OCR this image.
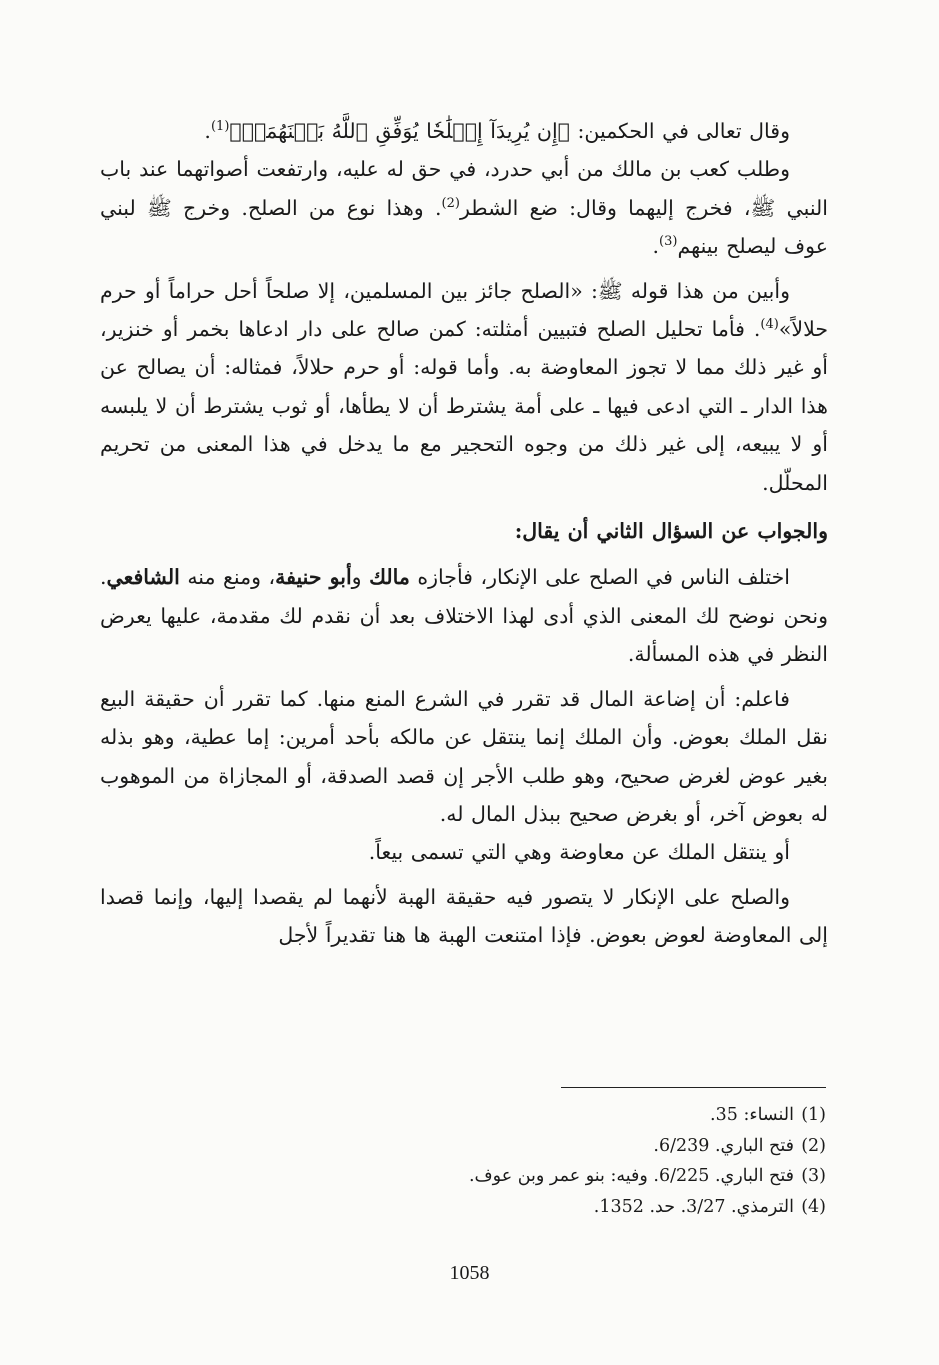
وقال تعالى في الحكمين: ﴿إِن يُرِيدَآ إِصۡلَٰحٗا يُوَفِّقِ ٱللَّهُ بَيۡنَهُمَآۗ﴾$^{(1)}$.

وطلب كعب بن مالك من أبي حدرد، في حق له عليه، وارتفعت أصواتهما عند باب النبي ﷺ، فخرج إليهما وقال: ضع الشطر$^{(2)}$. وهذا نوع من الصلح. وخرج ﷺ لبني عوف ليصلح بينهم$^{(3)}$.

وأبين من هذا قوله ﷺ: «الصلح جائز بين المسلمين، إلا صلحاً أحل حراماً أو حرم حلالاً»$^{(4)}$. فأما تحليل الصلح فتبيين أمثلته: كمن صالح على دار ادعاها بخمر أو خنزير، أو غير ذلك مما لا تجوز المعاوضة به. وأما قوله: أو حرم حلالاً، فمثاله: أن يصالح عن هذا الدار ـ التي ادعى فيها ـ على أمة يشترط أن لا يطأها، أو ثوب يشترط أن لا يلبسه أو لا يبيعه، إلى غير ذلك من وجوه التحجير مع ما يدخل في هذا المعنى من تحريم المحلّل.

والجواب عن السؤال الثاني أن يقال:

اختلف الناس في الصلح على الإنكار، فأجازه مالك وأبو حنيفة، ومنع منه الشافعي. ونحن نوضح لك المعنى الذي أدى لهذا الاختلاف بعد أن نقدم لك مقدمة، عليها يعرض النظر في هذه المسألة.

فاعلم: أن إضاعة المال قد تقرر في الشرع المنع منها. كما تقرر أن حقيقة البيع نقل الملك بعوض. وأن الملك إنما ينتقل عن مالكه بأحد أمرين: إما عطية، وهو بذله بغير عوض لغرض صحيح، وهو طلب الأجر إن قصد الصدقة، أو المجازاة من الموهوب له بعوض آخر، أو بغرض صحيح ببذل المال له.

أو ينتقل الملك عن معاوضة وهي التي تسمى بيعاً.

والصلح على الإنكار لا يتصور فيه حقيقة الهبة لأنهما لم يقصدا إليها، وإنما قصدا إلى المعاوضة لعوض بعوض. فإذا امتنعت الهبة ها هنا تقديراً لأجل

(1)النساء: 35.

(2)فتح الباري. 6/239.

(3)فتح الباري. 6/225. وفيه: بنو عمر وبن عوف.

(4)الترمذي. 3/27. حد. 1352.

1058
